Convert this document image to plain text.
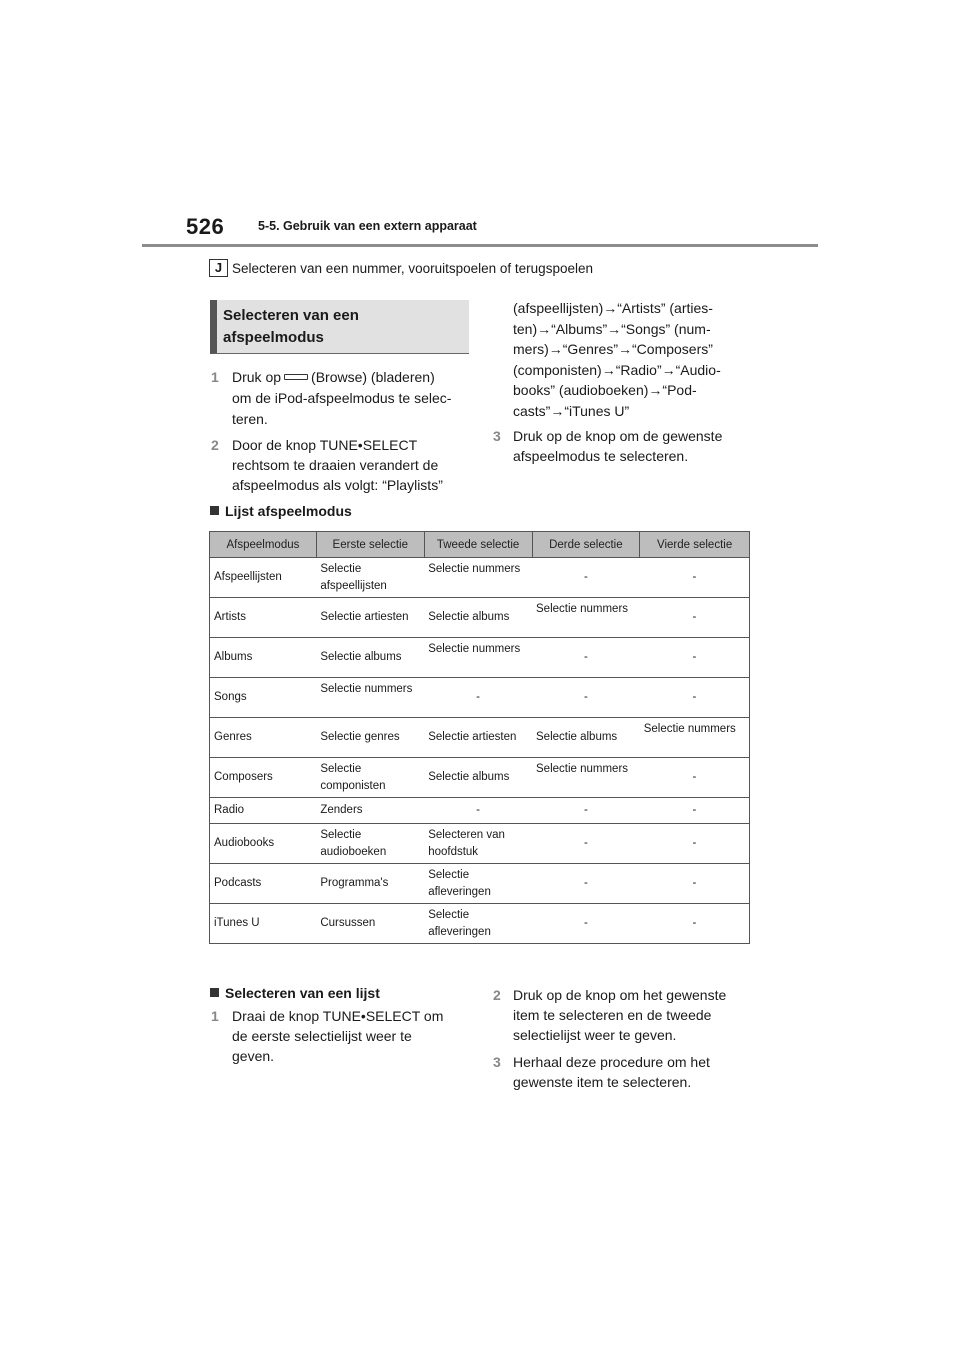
526	5-5. Gebruik van een extern apparaat
J Selecteren van een nummer, vooruitspoelen of terugspoelen
Selecteren van een afspeelmodus
1 Druk op (Browse) (bladeren)
om de iPod-afspeelmodus te selec-
teren.
2 Door de knop TUNE•SELECT
rechtsom te draaien verandert de
afspeelmodus als volgt: “Playlists”
(afspeellijsten)→“Artists” (arties-
ten)→“Albums”→“Songs” (num-
mers)→“Genres”→“Composers”
(componisten)→“Radio”→“Audio-
books” (audioboeken)→“Pod-
casts”→“iTunes U”
3 Druk op de knop om de gewenste
afspeelmodus te selecteren.
Lijst afspeelmodus
Afspeelmodus	Eerste selectie	Tweede selectie	Derde selectie	Vierde selectie
Afspeellijsten	Selectie afspeellijsten	Selectie nummers	-	-
Artists	Selectie artiesten	Selectie albums	Selectie nummers	-
Albums	Selectie albums	Selectie nummers	-	-
Songs	Selectie nummers	-	-	-
Genres	Selectie genres	Selectie artiesten	Selectie albums	Selectie nummers
Composers	Selectie componisten	Selectie albums	Selectie nummers	-
Radio	Zenders	-	-	-
Audiobooks	Selectie audioboeken	Selecteren van hoofdstuk	-	-
Podcasts	Programma's	Selectie afleveringen	-	-
iTunes U	Cursussen	Selectie afleveringen	-	-
Selecteren van een lijst
1 Draai de knop TUNE•SELECT om
de eerste selectielijst weer te
geven.
2 Druk op de knop om het gewenste
item te selecteren en de tweede
selectielijst weer te geven.
3 Herhaal deze procedure om het
gewenste item te selecteren.
